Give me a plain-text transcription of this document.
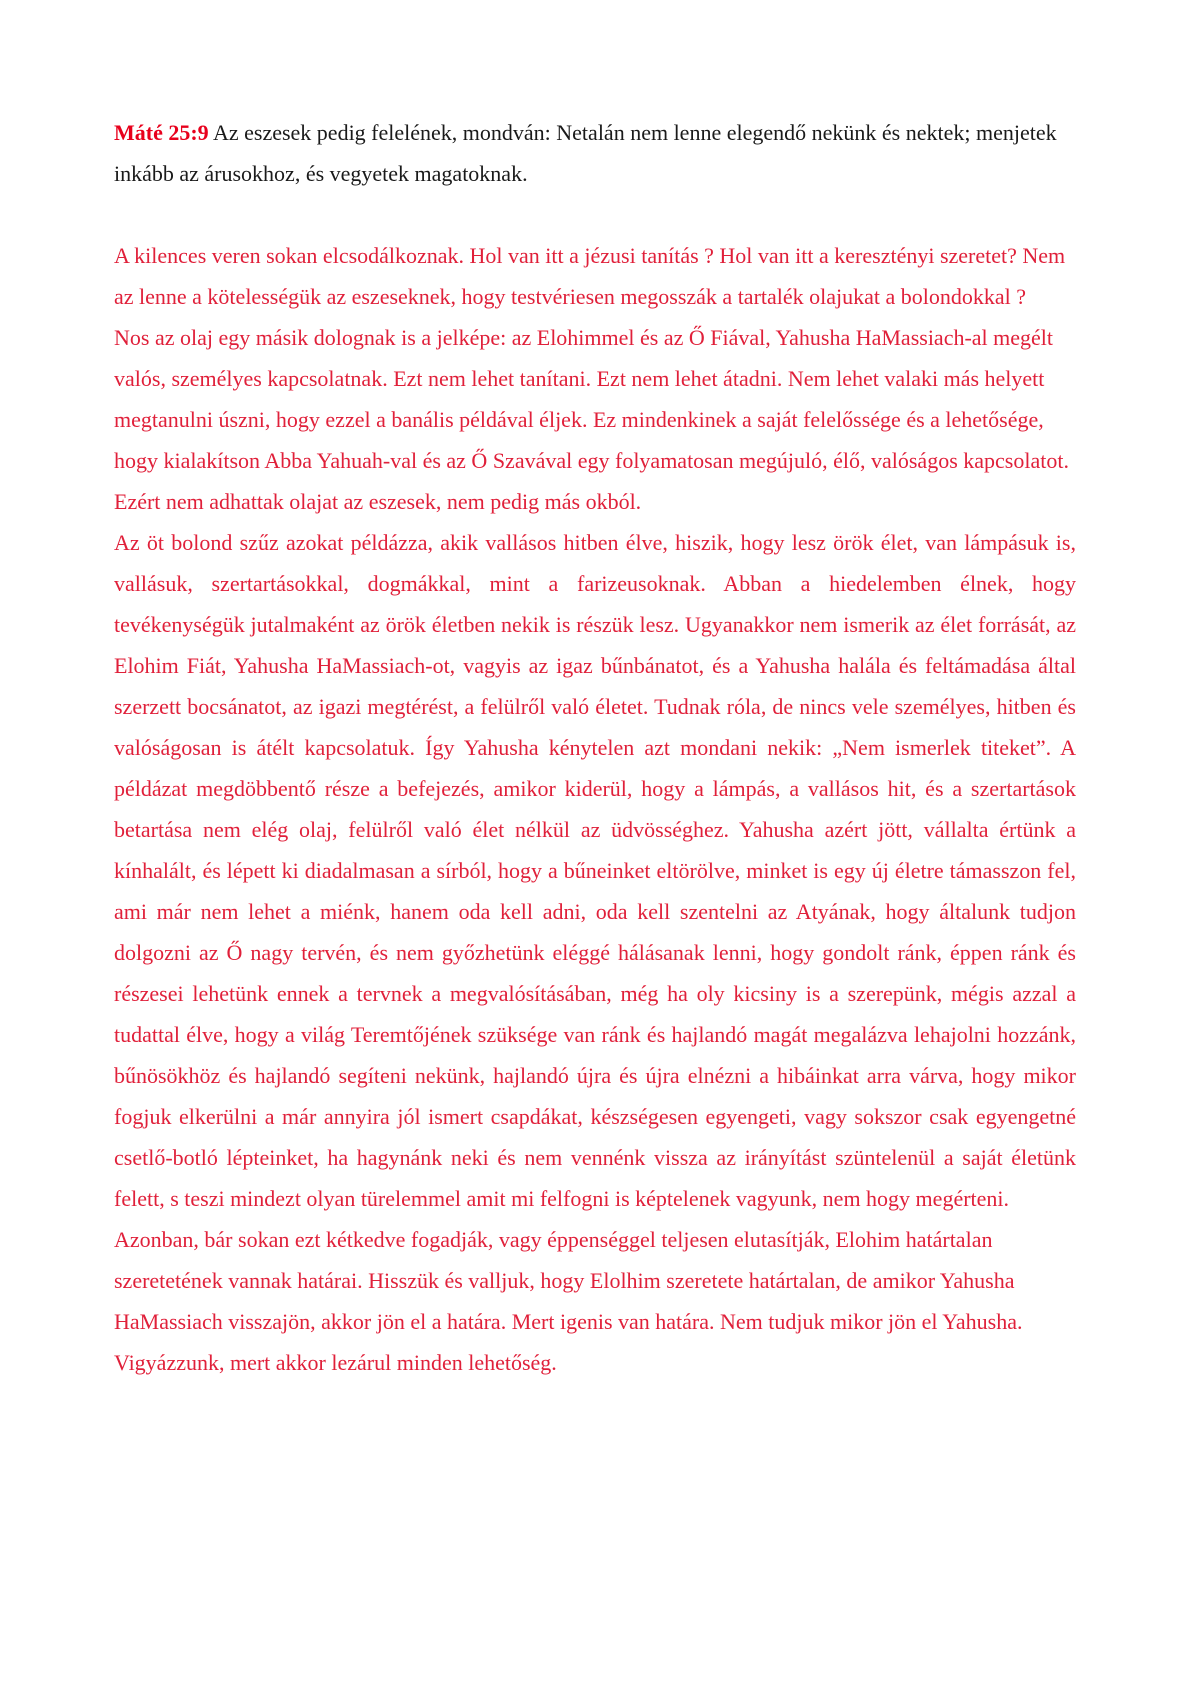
Máté 25:9 Az eszesek pedig felelének, mondván: Netalán nem lenne elegendő nekünk és nektek; menjetek inkább az árusokhoz, és vegyetek magatoknak.

A kilences veren sokan elcsodálkoznak. Hol van itt a jézusi tanítás ? Hol van itt a keresztényi szeretet? Nem az lenne a kötelességük az eszeseknek, hogy testvériesen megosszák a tartalék olajukat a bolondokkal ?

Nos az olaj egy másik dolognak is a jelképe: az Elohimmel és az Ő Fiával, Yahusha HaMassiach-al megélt valós, személyes kapcsolatnak. Ezt nem lehet tanítani. Ezt nem lehet átadni. Nem lehet valaki más helyett megtanulni úszni, hogy ezzel a banális példával éljek. Ez mindenkinek a saját felelőssége és a lehetősége, hogy kialakítson Abba Yahuah-val és az Ő Szavával egy folyamatosan megújuló, élő, valóságos kapcsolatot. Ezért nem adhattak olajat az eszesek, nem pedig más okból.

Az öt bolond szűz azokat példázza, akik vallásos hitben élve, hiszik, hogy lesz örök élet, van lámpásuk is, vallásuk, szertartásokkal, dogmákkal, mint a farizeusoknak. Abban a hiedelemben élnek, hogy tevékenységük jutalmaként az örök életben nekik is részük lesz. Ugyanakkor nem ismerik az élet forrását, az Elohim Fiát, Yahusha HaMassiach-ot, vagyis az igaz bűnbánatot, és a Yahusha halála és feltámadása által szerzett bocsánatot, az igazi megtérést, a felülről való életet. Tudnak róla, de nincs vele személyes, hitben és valóságosan is átélt kapcsolatuk. Így Yahusha kénytelen azt mondani nekik: „Nem ismerlek titeket”. A példázat megdöbbentő része a befejezés, amikor kiderül, hogy a lámpás, a vallásos hit, és a szertartások betartása nem elég olaj, felülről való élet nélkül az üdvösséghez. Yahusha azért jött, vállalta értünk a kínhalált, és lépett ki diadalmasan a sírból, hogy a bűneinket eltörölve, minket is egy új életre támasszon fel, ami már nem lehet a miénk, hanem oda kell adni, oda kell szentelni az Atyának, hogy általunk tudjon dolgozni az Ő nagy tervén, és nem győzhetünk eléggé hálásanak lenni, hogy gondolt ránk, éppen ránk és részesei lehetünk ennek a tervnek a megvalósításában, még ha oly kicsiny is a szerepünk, mégis azzal a tudattal élve, hogy a világ Teremtőjének szüksége van ránk és hajlandó magát megalázva lehajolni hozzánk, bűnösökhöz és hajlandó segíteni nekünk, hajlandó újra és újra elnézni a hibáinkat arra várva, hogy mikor fogjuk elkerülni a már annyira jól ismert csapdákat, készségesen egyengeti, vagy sokszor csak egyengetné csetlő-botló lépteinket, ha hagynánk neki és nem vennénk vissza az irányítást szüntelenül a saját életünk felett, s teszi mindezt olyan türelemmel amit mi felfogni is képtelenek vagyunk, nem hogy megérteni.

Azonban, bár sokan ezt kétkedve fogadják, vagy éppenséggel teljesen elutasítják, Elohim határtalan szeretetének vannak határai. Hisszük és valljuk, hogy Elolhim szeretete határtalan, de amikor Yahusha HaMassiach visszajön, akkor jön el a határa. Mert igenis van határa. Nem tudjuk mikor jön el Yahusha. Vigyázzunk, mert akkor lezárul minden lehetőség.
